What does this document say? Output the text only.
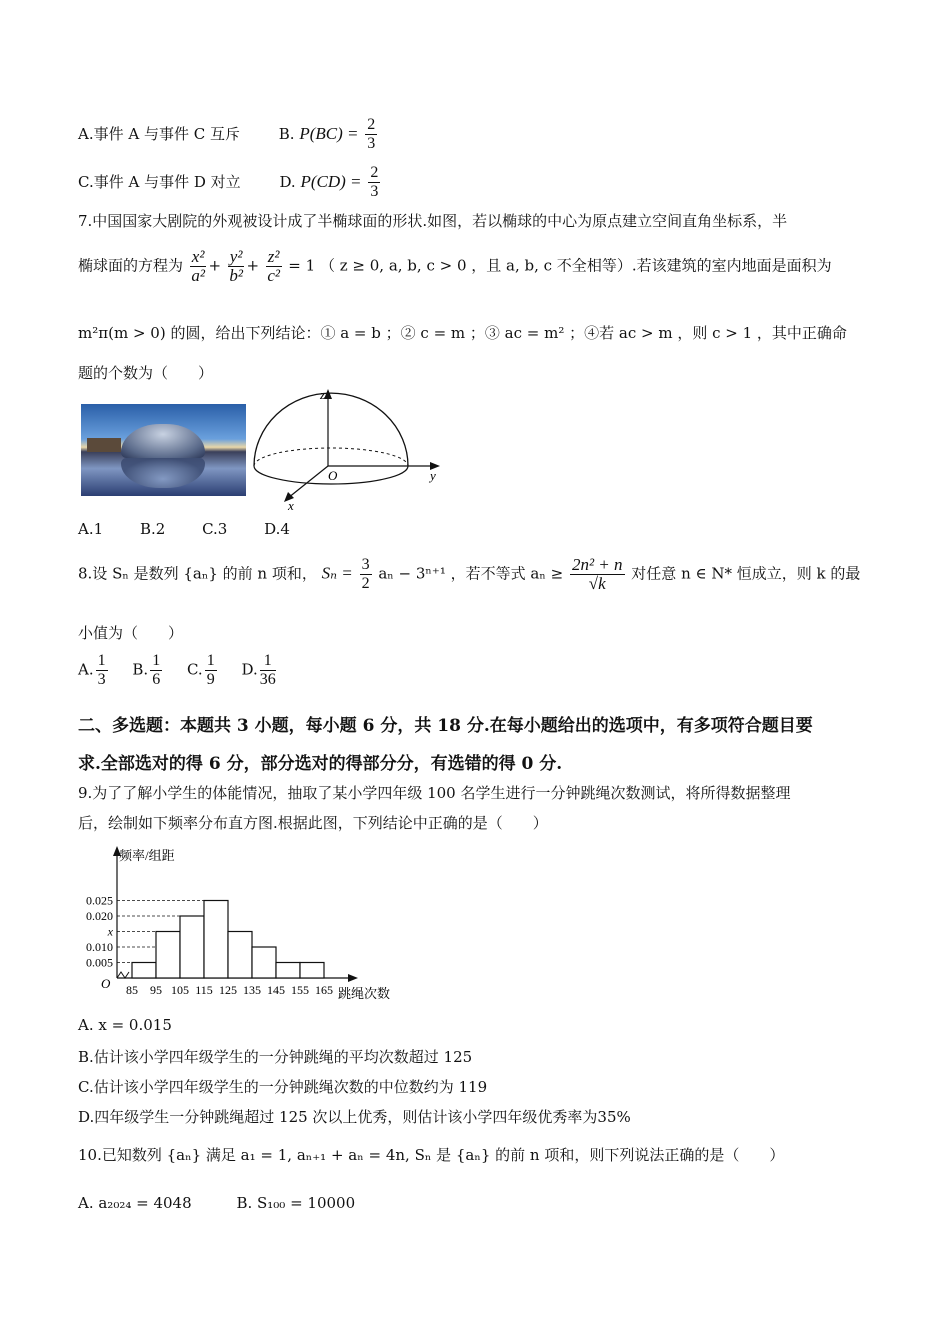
A.事件 A 与事件 C 互斥	B. $P(BC) = \frac{2}{3}$
C.事件 A 与事件 D 对立	D. $P(CD) = \frac{2}{3}$
7.中国国家大剧院的外观被设计成了半椭球面的形状.如图，若以椭球的中心为原点建立空间直角坐标系，半
椭球面的方程为 $\frac{\text{x²}}{\text{a²}} + \frac{\text{y²}}{\text{b²}} + \frac{\text{z²}}{\text{c²}} = 1$ （ z ≥ 0, a, b, c > 0 ，且 a, b, c 不全相等）.若该建筑的室内地面是面积为
m²π(m > 0) 的圆，给出下列结论：① a = b ；② c = m ；③ ac = m² ；④若 ac > m ，则 c > 1 ，其中正确命
题的个数为（　　）
z
y
x
O
A.1 B.2 C.3 D.4
8.设 Sₙ 是数列 {aₙ} 的前 n 项和， $S_n = \frac{3}{2}$ aₙ − 3ⁿ⁺¹ ，若不等式 $a_n \ge \frac{\text{2n² + n}}{√k}$ 对任意 n ∈ N* 恒成立，则 k 的最
小值为（　　）
A. $\frac{1}{3} B$. $\frac{1}{6} C$. $\frac{1}{9} D$. $\frac{1}{36}$
二、多选题：本题共 3 小题，每小题 6 分，共 18 分.在每小题给出的选项中，有多项符合题目要
求.全部选对的得 6 分，部分选对的得部分分，有选错的得 0 分.
9.为了了解小学生的体能情况，抽取了某小学四年级 100 名学生进行一分钟跳绳次数测试，将所得数据整理
后，绘制如下频率分布直方图.根据此图，下列结论中正确的是（　　）
频率/组距
跳绳次数
O
0.025
0.020
x
0.010
0.005
85 95 105 115 125 135 145 155 165
A. x = 0.015
B.估计该小学四年级学生的一分钟跳绳的平均次数超过 125
C.估计该小学四年级学生的一分钟跳绳次数的中位数约为 119
D.四年级学生一分钟跳绳超过 125 次以上优秀，则估计该小学四年级优秀率为35%
10.已知数列 {aₙ} 满足 a₁ = 1, aₙ₊₁ + aₙ = 4n, Sₙ 是 {aₙ} 的前 n 项和，则下列说法正确的是（　　）
A. a₂₀₂₄ = 4048	B. S₁₀₀ = 10000
